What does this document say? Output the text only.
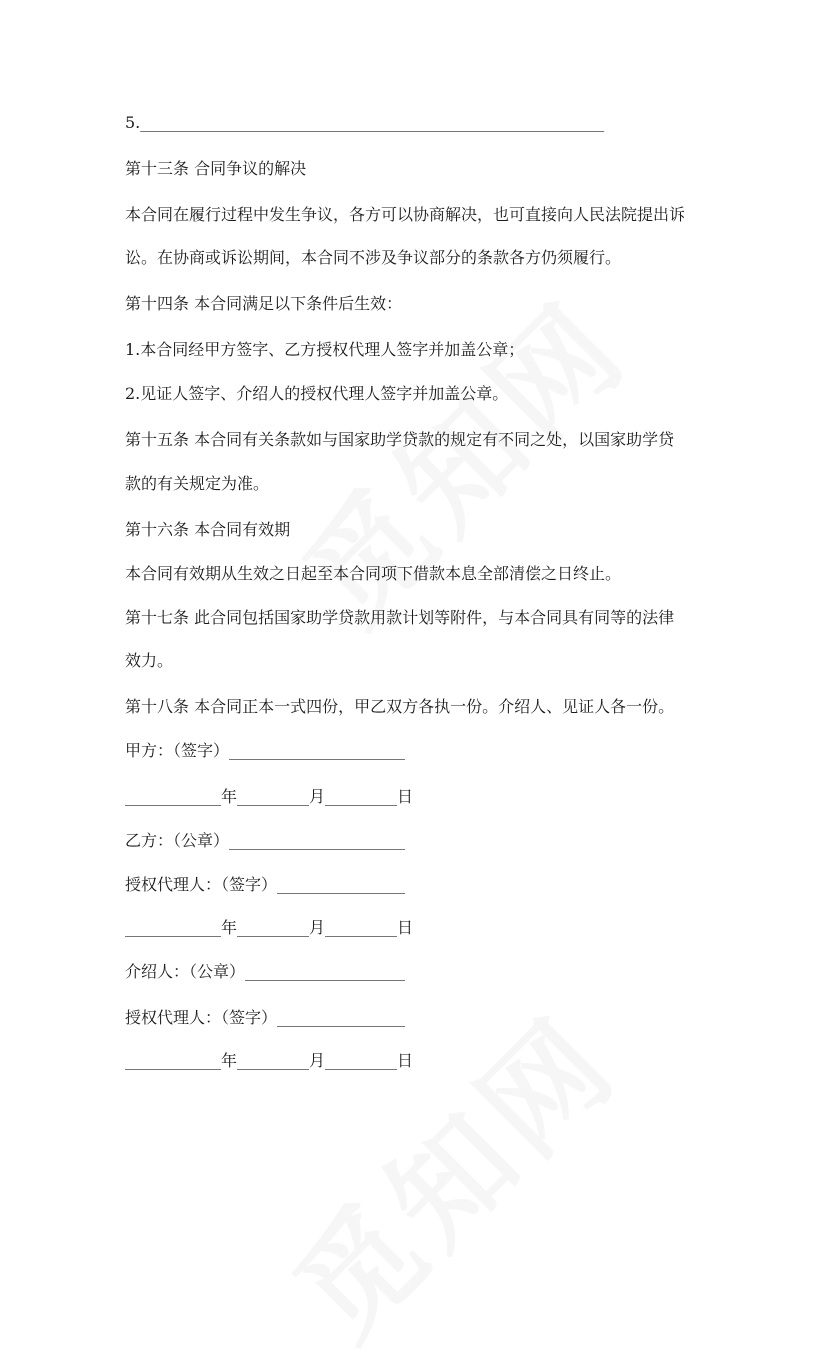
5.__________________________________________________________

第十三条 合同争议的解决

本合同在履行过程中发生争议，各方可以协商解决，也可直接向人民法院提出诉

讼。在协商或诉讼期间，本合同不涉及争议部分的条款各方仍须履行。

第十四条 本合同满足以下条件后生效：

1.本合同经甲方签字、乙方授权代理人签字并加盖公章；

2.见证人签字、介绍人的授权代理人签字并加盖公章。

第十五条 本合同有关条款如与国家助学贷款的规定有不同之处，以国家助学贷

款的有关规定为准。

第十六条 本合同有效期

本合同有效期从生效之日起至本合同项下借款本息全部清偿之日终止。

第十七条 此合同包括国家助学贷款用款计划等附件，与本合同具有同等的法律

效力。

第十八条 本合同正本一式四份，甲乙双方各执一份。介绍人、见证人各一份。

甲方：（签字）______________________

____________年_________月_________日

乙方：（公章）______________________

授权代理人：（签字）________________

____________年_________月_________日

介绍人：（公章）____________________

授权代理人：（签字）________________

____________年_________月_________日
